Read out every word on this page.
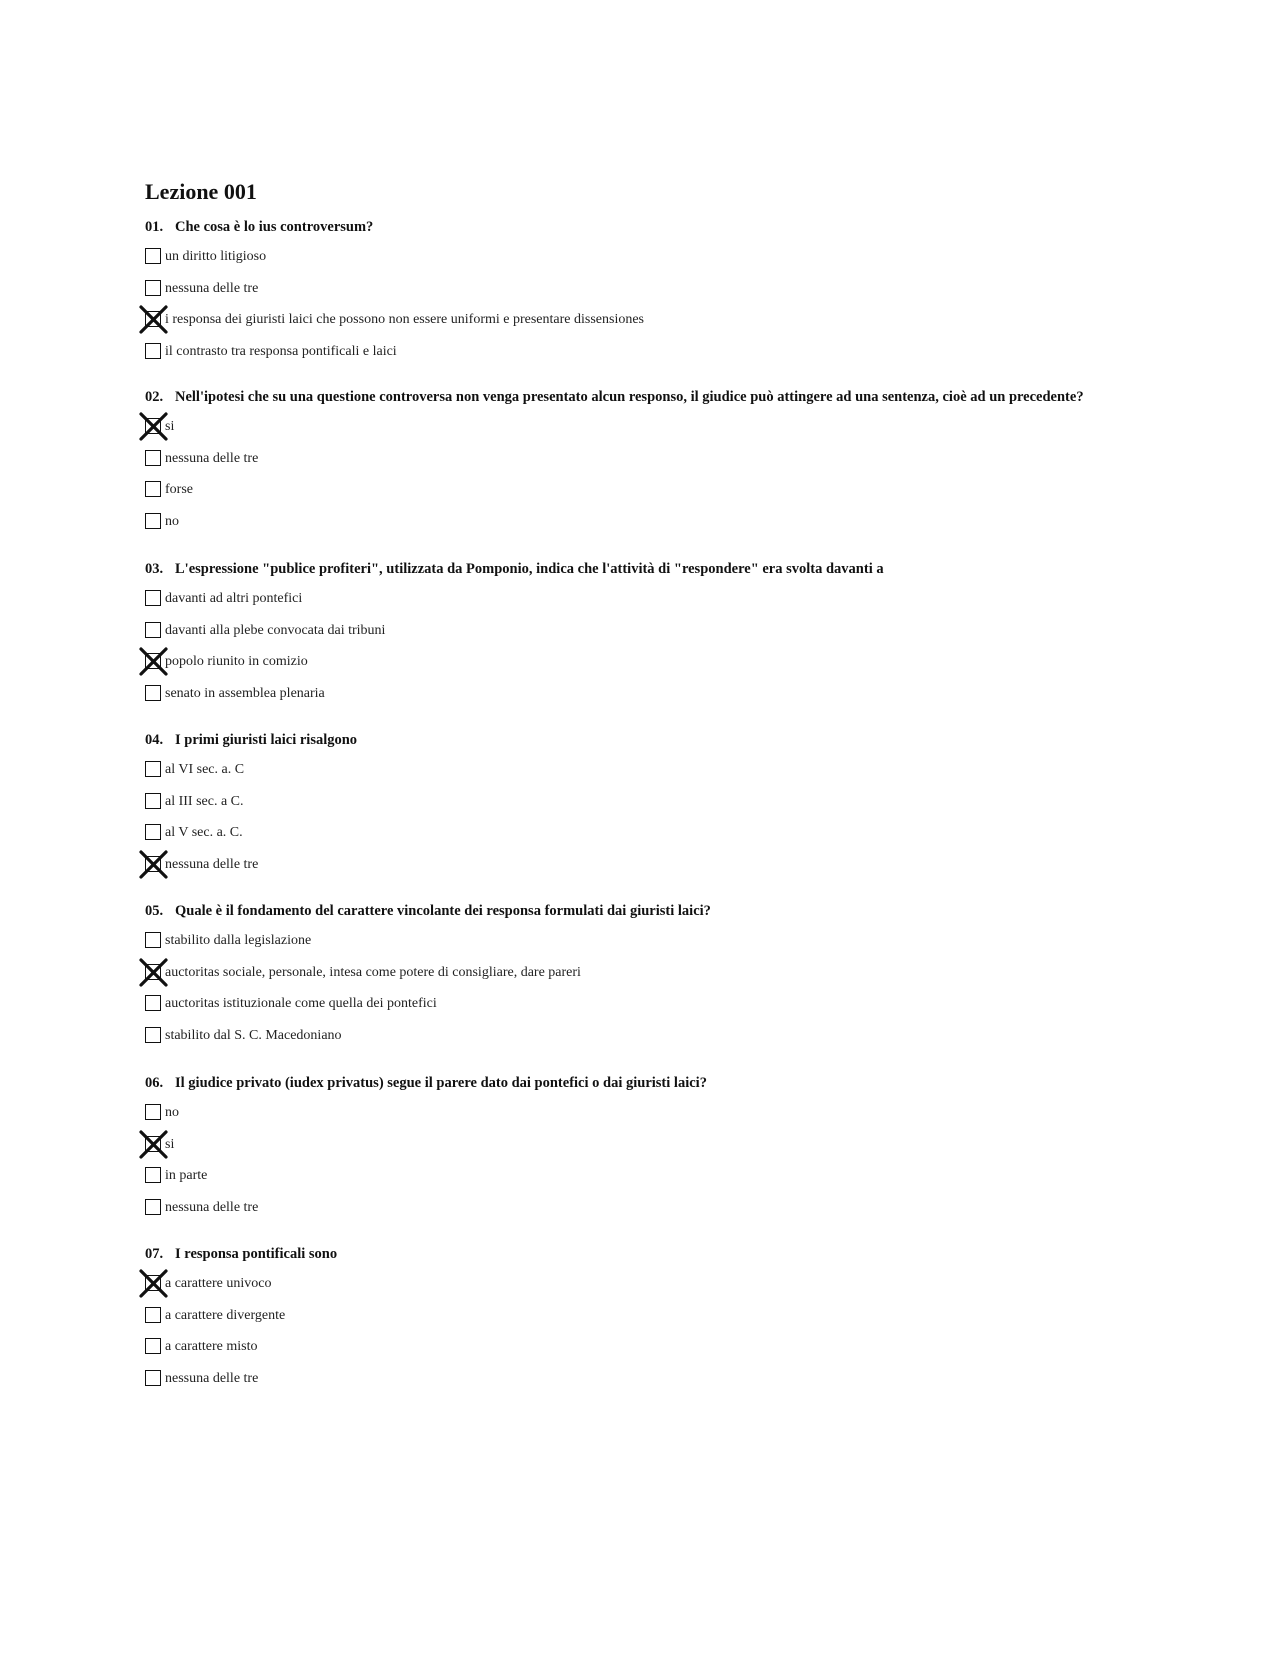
Lezione 001
01. Che cosa è lo ius controversum?
un diritto litigioso
nessuna delle tre
i responsa dei giuristi laici che possono non essere uniformi e presentare dissensiones
il contrasto tra responsa pontificali e laici
02. Nell'ipotesi che su una questione controversa non venga presentato alcun responso, il giudice può attingere ad una sentenza, cioè ad un precedente?
si
nessuna delle tre
forse
no
03. L'espressione "publice profiteri", utilizzata da Pomponio, indica che l'attività di "respondere" era svolta davanti a
davanti ad altri pontefici
davanti alla plebe convocata dai tribuni
popolo riunito in comizio
senato in assemblea plenaria
04. I primi giuristi laici risalgono
al VI sec. a. C
al III sec. a C.
al V sec. a. C.
nessuna delle tre
05. Quale è il fondamento del carattere vincolante dei responsa formulati dai giuristi laici?
stabilito dalla legislazione
auctoritas sociale, personale, intesa come potere di consigliare, dare pareri
auctoritas istituzionale come quella dei pontefici
stabilito dal S. C. Macedoniano
06. Il giudice privato (iudex privatus) segue il parere dato dai pontefici o dai giuristi laici?
no
si
in parte
nessuna delle tre
07. I responsa pontificali sono
a carattere univoco
a carattere divergente
a carattere misto
nessuna delle tre
